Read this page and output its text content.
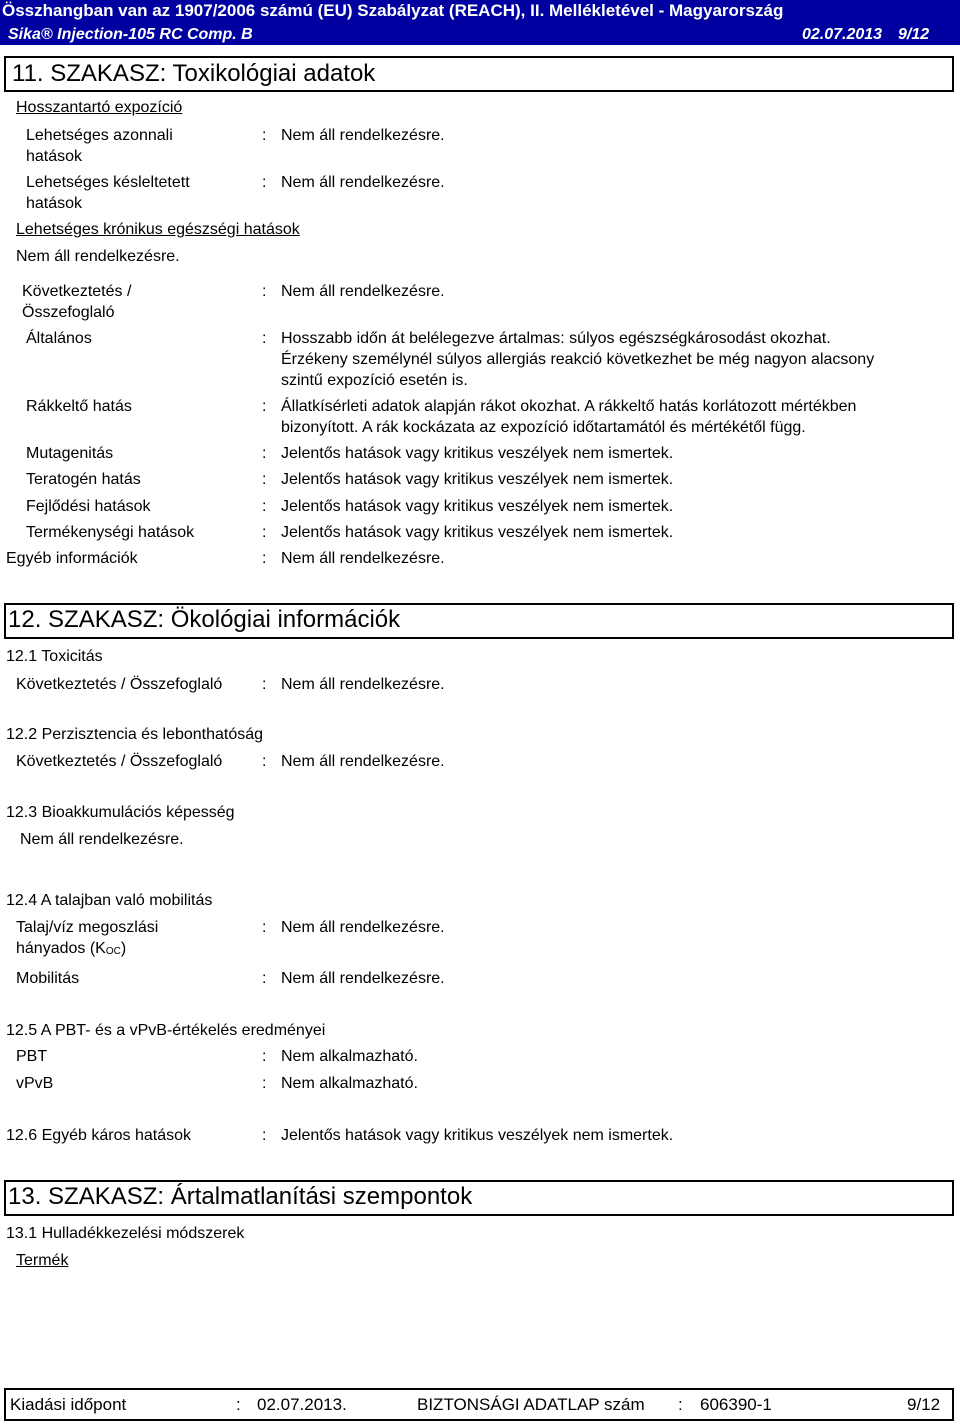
Összhangban van az 1907/2006 számú (EU) Szabályzat (REACH), II. Mellékletével - Magyarország
Sika® Injection-105 RC Comp. B	02.07.2013 9/12
11. SZAKASZ: Toxikológiai adatok
Hosszantartó expozíció
Lehetséges azonnali
hatások
: Nem áll rendelkezésre.
Lehetséges késleltetett
hatások
: Nem áll rendelkezésre.
Lehetséges krónikus egészségi hatások
Nem áll rendelkezésre.
Következtetés /
Összefoglaló
: Nem áll rendelkezésre.
Általános	: Hosszabb időn át belélegezve ártalmas: súlyos egészségkárosodást okozhat.
Érzékeny személynél súlyos allergiás reakció következhet be még nagyon alacsony
szintű expozíció esetén is.
Rákkeltő hatás	: Állatkísérleti adatok alapján rákot okozhat. A rákkeltő hatás korlátozott mértékben
bizonyított. A rák kockázata az expozíció időtartamától és mértékétől függ.
Mutagenitás	: Jelentős hatások vagy kritikus veszélyek nem ismertek.
Teratogén hatás	: Jelentős hatások vagy kritikus veszélyek nem ismertek.
Fejlődési hatások	: Jelentős hatások vagy kritikus veszélyek nem ismertek.
Termékenységi hatások	: Jelentős hatások vagy kritikus veszélyek nem ismertek.
Egyéb információk	: Nem áll rendelkezésre.
12. SZAKASZ: Ökológiai információk
12.1 Toxicitás
Következtetés / Összefoglaló : Nem áll rendelkezésre.
12.2 Perzisztencia és lebonthatóság
Következtetés / Összefoglaló : Nem áll rendelkezésre.
12.3 Bioakkumulációs képesség
Nem áll rendelkezésre.
12.4 A talajban való mobilitás
Talaj/víz megoszlási
hányados $(K_{OC})$
: Nem áll rendelkezésre.
Mobilitás	: Nem áll rendelkezésre.
12.5 A PBT- és a vPvB-értékelés eredményei
PBT	: Nem alkalmazható.
vPvB	: Nem alkalmazható.
12.6 Egyéb káros hatások	: Jelentős hatások vagy kritikus veszélyek nem ismertek.
13. SZAKASZ: Ártalmatlanítási szempontok
13.1 Hulladékkezelési módszerek
Termék
Kiadási időpont	: 02.07.2013.	BIZTONSÁGI ADATLAP szám : 606390-1	9/12
